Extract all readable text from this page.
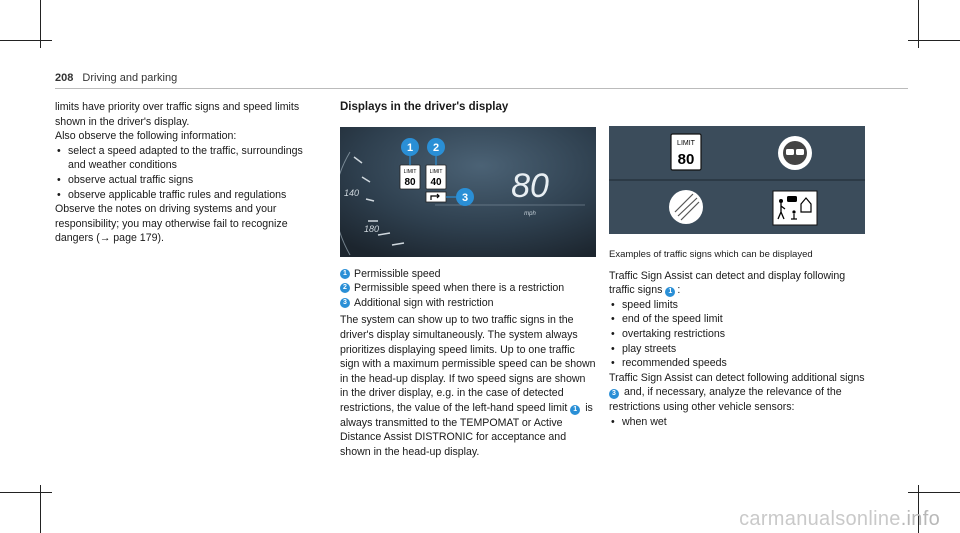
208 Driving and parking

limits have priority over traffic signs and speed limits shown in the driver's display.

Also observe the following information:

• select a speed adapted to the traffic, surroundings and weather conditions
• observe actual traffic signs
• observe applicable traffic rules and regulations

Observe the notes on driving systems and your responsibility; you may otherwise fail to recognize dangers (→ page 179).

Displays in the driver's display

140
180
LIMIT
80
LIMIT
40
1 2
3 80
mph
1 Permissible speed
2 Permissible speed when there is a restriction
3 Additional sign with restriction

The system can show up to two traffic signs in the driver's display simultaneously. The system always prioritizes displaying speed limits. Up to one traffic sign with a maximum permissible speed can be shown in the head-up display. If two speed signs are shown in the driver display, e.g. in the case of detected restrictions, the value of the left-hand speed limit 1 is always transmitted to the TEMPOMAT or Active Distance Assist DISTRONIC for acceptance and shown in the head-up display.

LIMIT
80

Examples of traffic signs which can be displayed

Traffic Sign Assist can detect and display following traffic signs 1 :

• speed limits
• end of the speed limit
• overtaking restrictions
• play streets
• recommended speeds

Traffic Sign Assist can detect following additional signs 3 and, if necessary, analyze the relevance of the restrictions using other vehicle sensors:

• when wet
carmanualsonline.info
